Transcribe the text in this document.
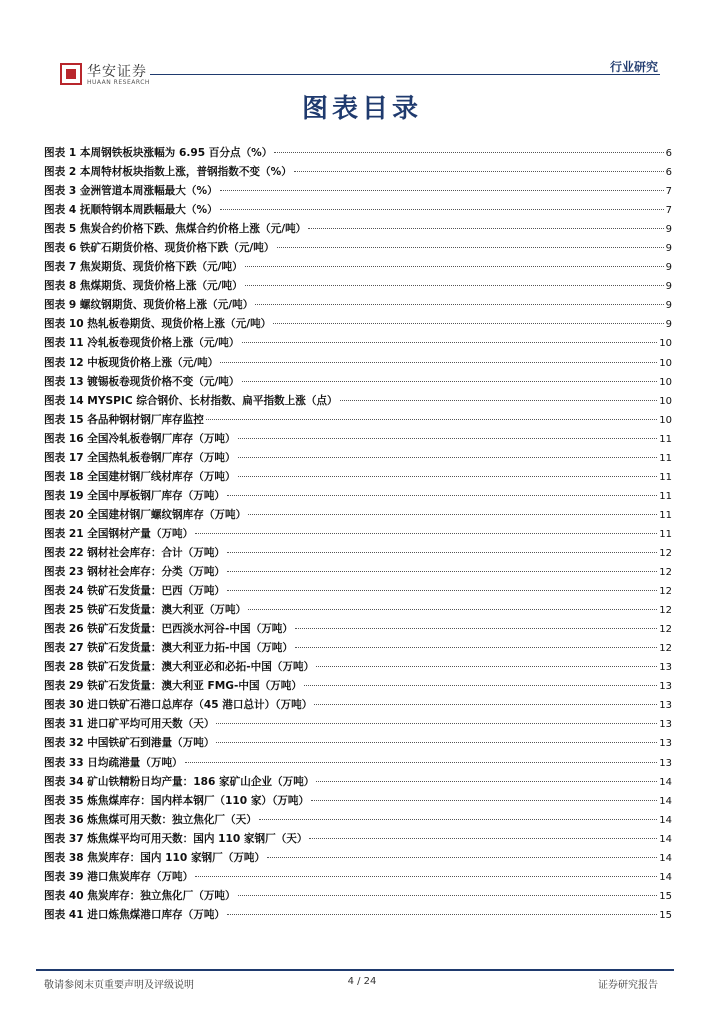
华安证券
HUAAN RESEARCH
行业研究
图表目录
图表 1 本周钢铁板块涨幅为 6.95 百分点（%）	6
图表 2 本周特材板块指数上涨，普钢指数不变（%）	6
图表 3 金洲管道本周涨幅最大（%）	7
图表 4 抚顺特钢本周跌幅最大（%）	7
图表 5 焦炭合约价格下跌、焦煤合约价格上涨（元/吨）	9
图表 6 铁矿石期货价格、现货价格下跌（元/吨）	9
图表 7 焦炭期货、现货价格下跌（元/吨）	9
图表 8 焦煤期货、现货价格上涨（元/吨）	9
图表 9 螺纹钢期货、现货价格上涨（元/吨）	9
图表 10 热轧板卷期货、现货价格上涨（元/吨）	9
图表 11 冷轧板卷现货价格上涨（元/吨）	10
图表 12 中板现货价格上涨（元/吨）	10
图表 13 镀锡板卷现货价格不变（元/吨）	10
图表 14 MYSPIC 综合钢价、长材指数、扁平指数上涨（点）	10
图表 15 各品种钢材钢厂库存监控	10
图表 16 全国冷轧板卷钢厂库存（万吨）	11
图表 17 全国热轧板卷钢厂库存（万吨）	11
图表 18 全国建材钢厂线材库存（万吨）	11
图表 19 全国中厚板钢厂库存（万吨）	11
图表 20 全国建材钢厂螺纹钢库存（万吨）	11
图表 21 全国钢材产量（万吨）	11
图表 22 钢材社会库存：合计（万吨）	12
图表 23 钢材社会库存：分类（万吨）	12
图表 24 铁矿石发货量：巴西（万吨）	12
图表 25 铁矿石发货量：澳大利亚（万吨）	12
图表 26 铁矿石发货量：巴西淡水河谷-中国（万吨）	12
图表 27 铁矿石发货量：澳大利亚力拓-中国（万吨）	12
图表 28 铁矿石发货量：澳大利亚必和必拓-中国（万吨）	13
图表 29 铁矿石发货量：澳大利亚 FMG-中国（万吨）	13
图表 30 进口铁矿石港口总库存（45 港口总计）（万吨）	13
图表 31 进口矿平均可用天数（天）	13
图表 32 中国铁矿石到港量（万吨）	13
图表 33 日均疏港量（万吨）	13
图表 34 矿山铁精粉日均产量：186 家矿山企业（万吨）	14
图表 35 炼焦煤库存：国内样本钢厂（110 家）（万吨）	14
图表 36 炼焦煤可用天数：独立焦化厂（天）	14
图表 37 炼焦煤平均可用天数：国内 110 家钢厂（天）	14
图表 38 焦炭库存：国内 110 家钢厂（万吨）	14
图表 39 港口焦炭库存（万吨）	14
图表 40 焦炭库存：独立焦化厂（万吨）	15
图表 41 进口炼焦煤港口库存（万吨）	15
敬请参阅末页重要声明及评级说明	4 / 24	证券研究报告
